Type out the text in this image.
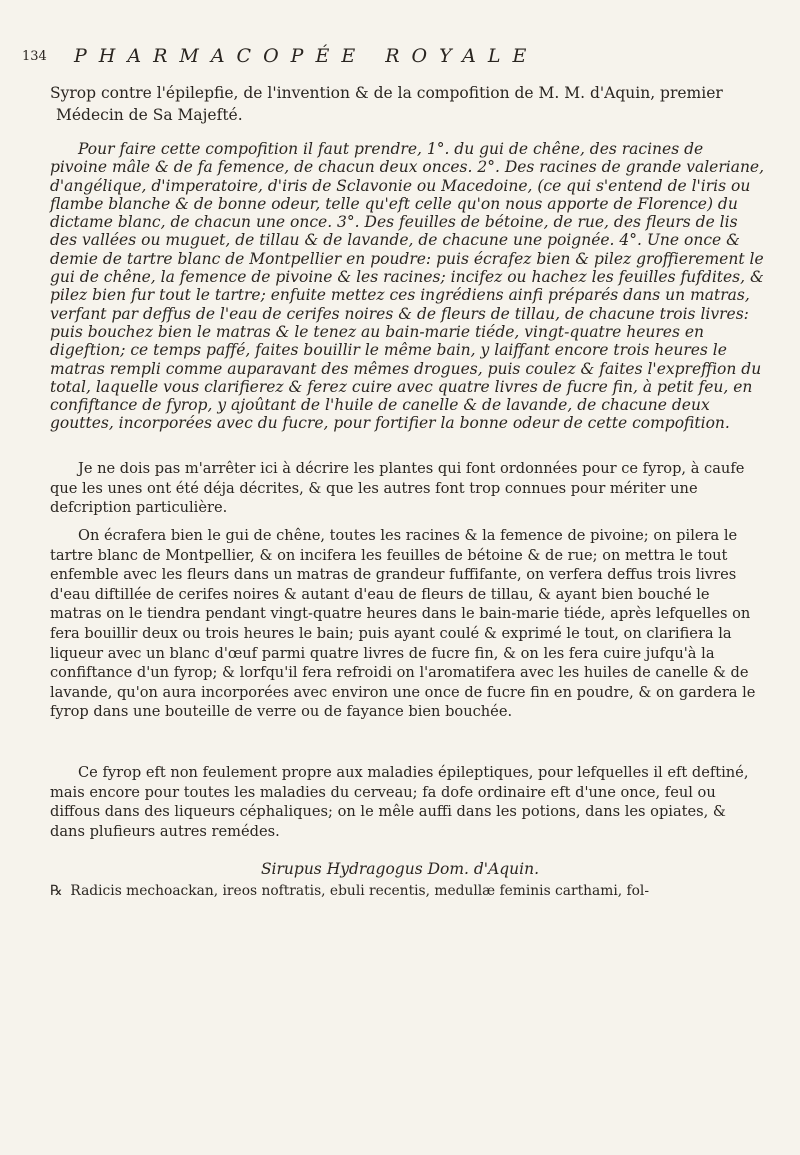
134 PHARMACOPÉE ROYALE

Syrop contre l'épilepfie, de l'invention & de la compofition de M. M. d'Aquin, premier Médecin de Sa Majefté.

Pour faire cette compofition il faut prendre, 1°. du gui de chêne, des racines de pivoine mâle & de fa femence, de chacun deux onces. 2°. Des racines de grande valeriane, d'angélique, d'imperatoire, d'iris de Sclavonie ou Macedoine, (ce qui s'entend de l'iris ou flambe blanche & de bonne odeur, telle qu'eft celle qu'on nous apporte de Florence) du dictame blanc, de chacun une once. 3°. Des feuilles de bétoine, de rue, des fleurs de lis des vallées ou muguet, de tillau & de lavande, de chacune une poignée. 4°. Une once & demie de tartre blanc de Montpellier en poudre: puis écrafez bien & pilez groffierement le gui de chêne, la femence de pivoine & les racines; incifez ou hachez les feuilles fufdites, & pilez bien fur tout le tartre; enfuite mettez ces ingrédiens ainfi préparés dans un matras, verfant par deffus de l'eau de cerifes noires & de fleurs de tillau, de chacune trois livres: puis bouchez bien le matras & le tenez au bain-marie tiéde, vingt-quatre heures en digeftion; ce temps paffé, faites bouillir le même bain, y laiffant encore trois heures le matras rempli comme auparavant des mêmes drogues, puis coulez & faites l'expreffion du total, laquelle vous clarifierez & ferez cuire avec quatre livres de fucre fin, à petit feu, en confiftance de fyrop, y ajoûtant de l'huile de canelle & de lavande, de chacune deux gouttes, incorporées avec du fucre, pour fortifier la bonne odeur de cette compofition.

Je ne dois pas m'arrêter ici à décrire les plantes qui font ordonnées pour ce fyrop, à caufe que les unes ont été déja décrites, & que les autres font trop connues pour mériter une defcription particulière.

On écrafera bien le gui de chêne, toutes les racines & la femence de pivoine; on pilera le tartre blanc de Montpellier, & on incifera les feuilles de bétoine & de rue; on mettra le tout enfemble avec les fleurs dans un matras de grandeur fuffifante, on verfera deffus trois livres d'eau diftillée de cerifes noires & autant d'eau de fleurs de tillau, & ayant bien bouché le matras on le tiendra pendant vingt-quatre heures dans le bain-marie tiéde, après lefquelles on fera bouillir deux ou trois heures le bain; puis ayant coulé & exprimé le tout, on clarifiera la liqueur avec un blanc d'œuf parmi quatre livres de fucre fin, & on les fera cuire jufqu'à la confiftance d'un fyrop; & lorfqu'il fera refroidi on l'aromatifera avec les huiles de canelle & de lavande, qu'on aura incorporées avec environ une once de fucre fin en poudre, & on gardera le fyrop dans une bouteille de verre ou de fayance bien bouchée.

Ce fyrop eft non feulement propre aux maladies épileptiques, pour lefquelles il eft deftiné, mais encore pour toutes les maladies du cerveau; fa dofe ordinaire eft d'une once, feul ou diffous dans des liqueurs céphaliques; on le mêle auffi dans les potions, dans les opiates, & dans plufieurs autres remédes.

Sirupus Hydragogus Dom. d'Aquin.
℞ Radicis mechoackan, ireos noftratis, ebuli recentis, medullæ feminis carthami, fol-
